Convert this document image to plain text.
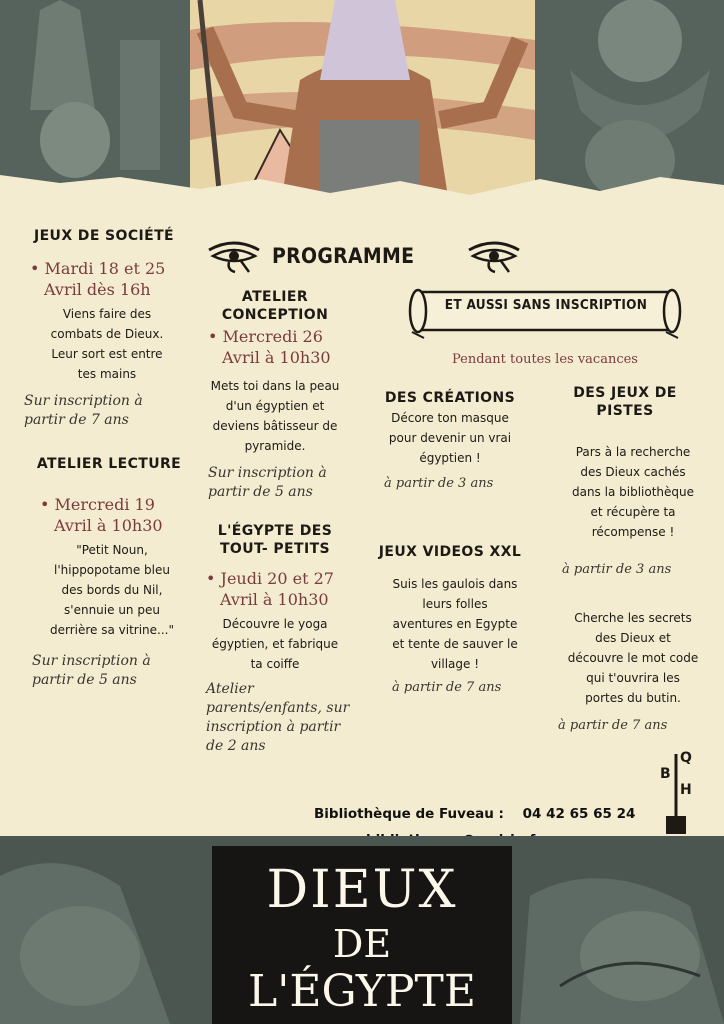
PROGRAMME
ET AUSSI SANS INSCRIPTION
Pendant toutes les vacances
JEUX DE SOCIÉTÉ
• Mardi 18 et 25
Avril dès 16h
Viens faire des
combats de Dieux.
Leur sort est entre
tes mains
Sur inscription à
partir de 7 ans
ATELIER LECTURE
• Mercredi 19
Avril à 10h30
"Petit Noun,
l'hippopotame bleu
des bords du Nil,
s'ennuie un peu
derrière sa vitrine..."
Sur inscription à
partir de 5 ans
ATELIER
CONCEPTION
• Mercredi 26
Avril à 10h30
Mets toi dans la peau
d'un égyptien et
deviens bâtisseur de
pyramide.
Sur inscription à
partir de 5 ans
L'ÉGYPTE DES
TOUT- PETITS
• Jeudi 20 et 27
Avril à 10h30
Découvre le yoga
égyptien, et fabrique
ta coiffe
Atelier
parents/enfants, sur
inscription à partir
de 2 ans
DES CRÉATIONS
Décore ton masque
pour devenir un vrai
égyptien !
à partir de 3 ans
JEUX VIDEOS XXL
Suis les gaulois dans
leurs folles
aventures en Egypte
et tente de sauver le
village !
à partir de 7 ans
DES JEUX DE
PISTES
Pars à la recherche
des Dieux cachés
dans la bibliothèque
et récupère ta
récompense !
à partir de 3 ans
Cherche les secrets
des Dieux et
découvre le mot code
qui t'ouvrira les
portes du butin.
à partir de 7 ans
Bibliothèque de Fuveau : 04 42 65 65 24
Q
B
H
DIEUX
DE
L'ÉGYPTE
